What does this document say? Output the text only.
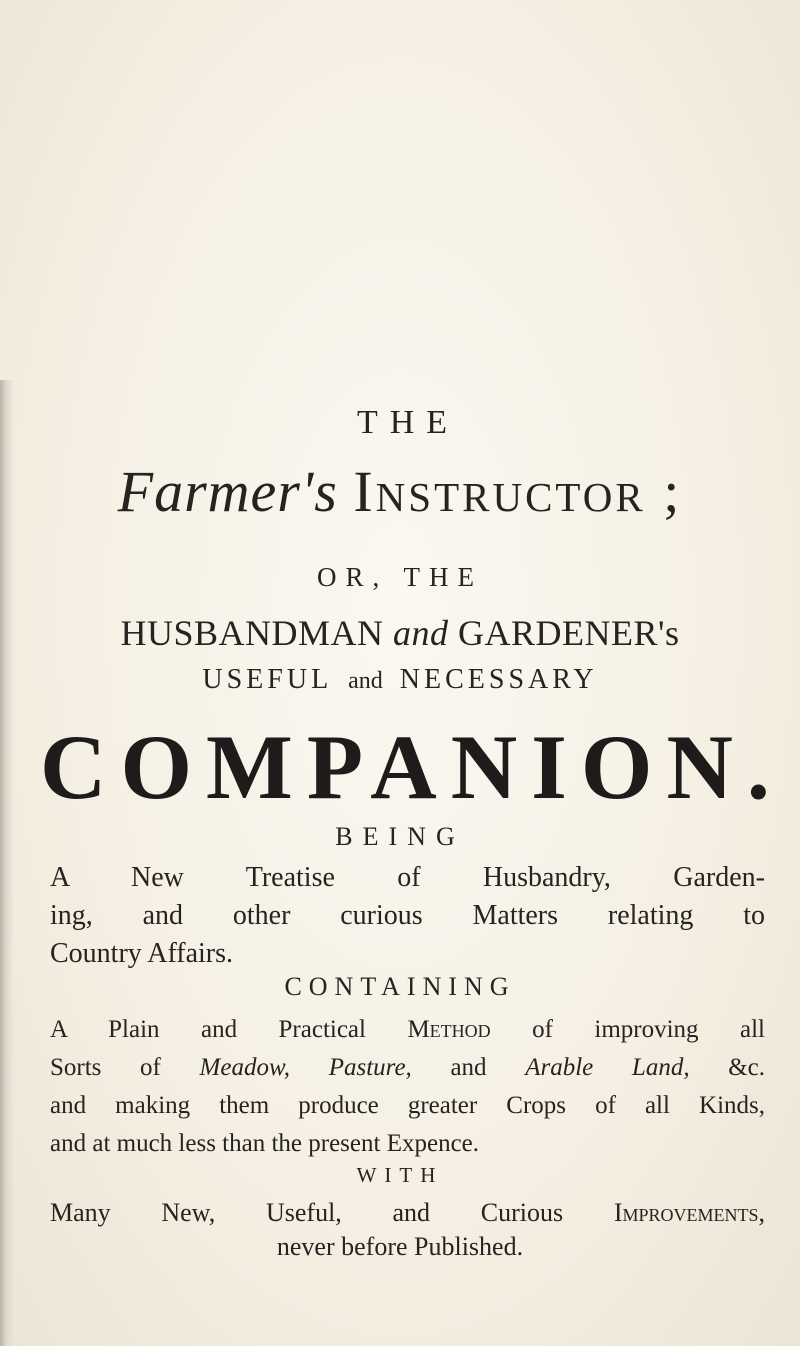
THE
Farmer's Instructor ;
OR, THE
HUSBANDMAN and GARDENER's
USEFUL and NECESSARY
COMPANION.
BEING
A New Treatise of Husbandry, Garden-
ing, and other curious Matters relating to
Country Affairs.
CONTAINING
A Plain and Practical Method of improving all
Sorts of Meadow, Pasture, and Arable Land, &c.
and making them produce greater Crops of all Kinds,
and at much less than the present Expence.
WITH
Many New, Useful, and Curious Improvements,
never before Published.
